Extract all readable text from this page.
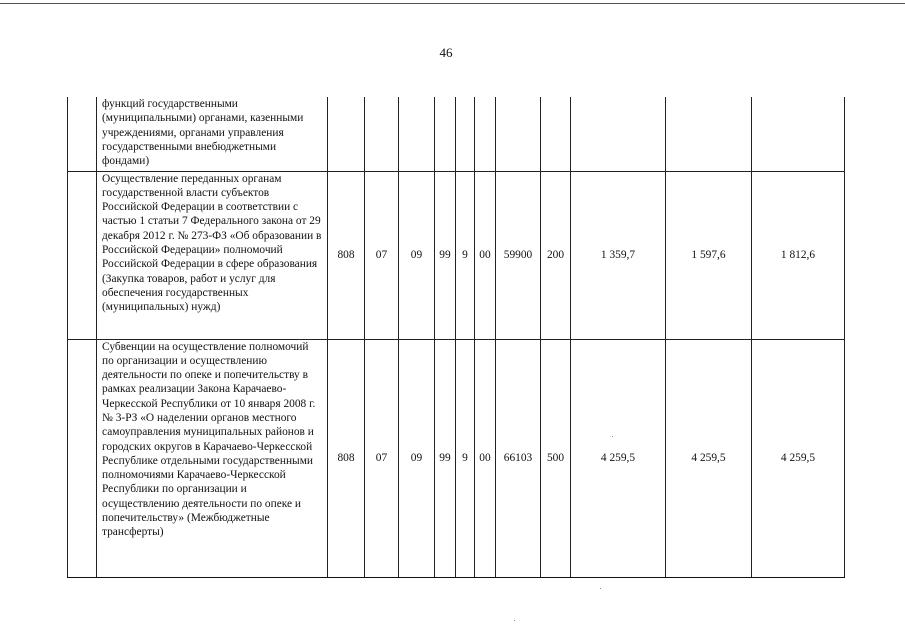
46
	функций государственными (муниципальными) органами, казенными учреждениями, органами управления государственными внебюджетными фондами)											
	Осуществление переданных органам государственной власти субъектов Российской Федерации в соответствии с частью 1 статьи 7 Федерального закона от 29 декабря 2012 г. № 273-ФЗ «Об образовании в Российской Федерации» полномочий Российской Федерации в сфере образования (Закупка товаров, работ и услуг для обеспечения государственных (муниципальных) нужд)	808	07	09	99	9	00	59900	200	1 359,7	1 597,6	1 812,6
	Субвенции на осуществление полномочий по организации и осуществлению деятельности по опеке и попечительству в рамках реализации Закона Карачаево-Черкесской Республики от 10 января 2008 г. № 3-РЗ «О наделении органов местного самоуправления муниципальных районов и городских округов в Карачаево-Черкесской Республике отдельными государственными полномочиями Карачаево-Черкесской Республики по организации и осуществлению деятельности по опеке и попечительству» (Межбюджетные трансферты)	808	07	09	99	9	00	66103	500	4 259,5	4 259,5	4 259,5
